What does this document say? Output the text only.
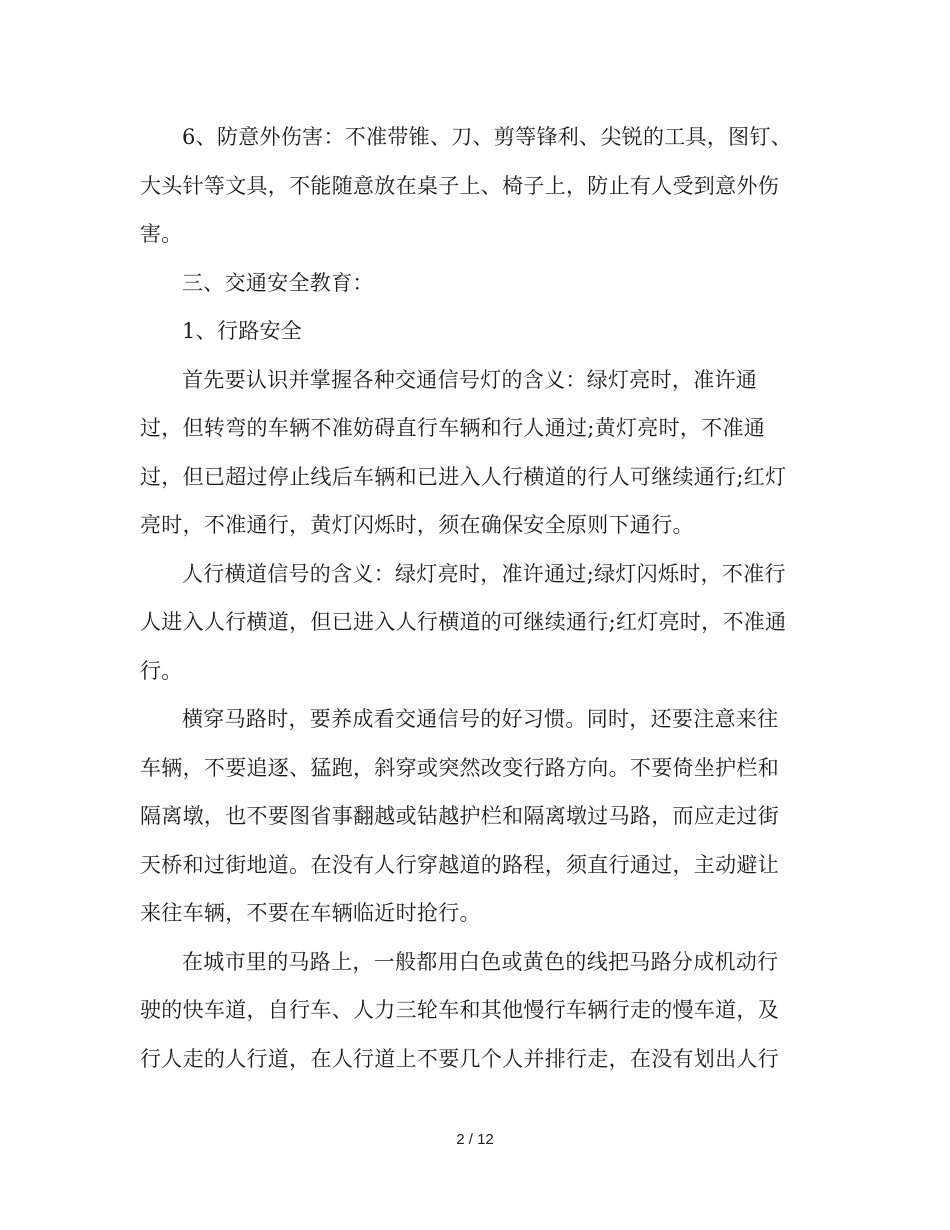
6、防意外伤害：不准带锥、刀、剪等锋利、尖锐的工具，图钉、
大头针等文具，不能随意放在桌子上、椅子上，防止有人受到意外伤
害。
三、交通安全教育：
1、行路安全
首先要认识并掌握各种交通信号灯的含义：绿灯亮时，准许通
过，但转弯的车辆不准妨碍直行车辆和行人通过;黄灯亮时，不准通
过，但已超过停止线后车辆和已进入人行横道的行人可继续通行;红灯
亮时，不准通行，黄灯闪烁时，须在确保安全原则下通行。
人行横道信号的含义：绿灯亮时，准许通过;绿灯闪烁时，不准行
人进入人行横道，但已进入人行横道的可继续通行;红灯亮时，不准通
行。
横穿马路时，要养成看交通信号的好习惯。同时，还要注意来往
车辆，不要追逐、猛跑，斜穿或突然改变行路方向。不要倚坐护栏和
隔离墩，也不要图省事翻越或钻越护栏和隔离墩过马路，而应走过街
天桥和过街地道。在没有人行穿越道的路程，须直行通过，主动避让
来往车辆，不要在车辆临近时抢行。
在城市里的马路上，一般都用白色或黄色的线把马路分成机动行
驶的快车道，自行车、人力三轮车和其他慢行车辆行走的慢车道，及
行人走的人行道，在人行道上不要几个人并排行走，在没有划出人行
2 / 12
